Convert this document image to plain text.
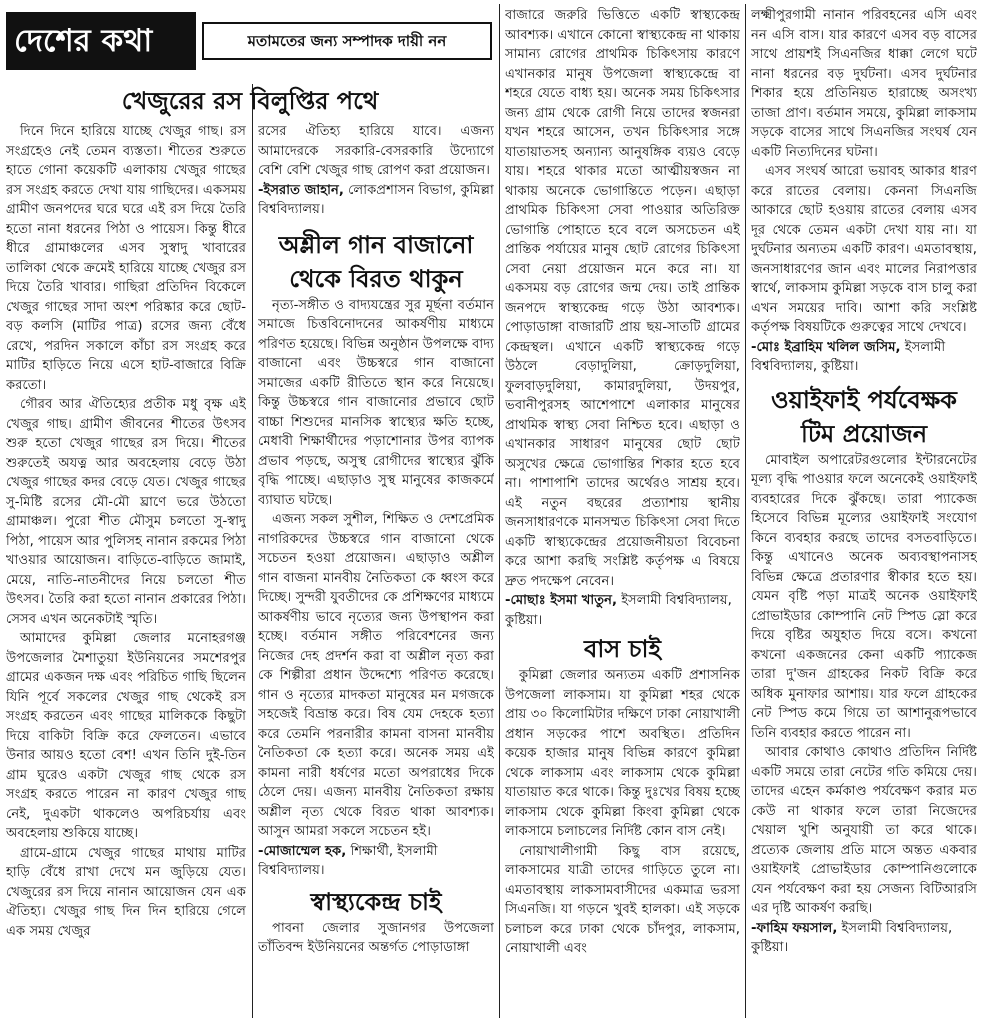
দেশের কথা	মতামতের জন্য সম্পাদক দায়ী নন
খেজুরের রস বিলুপ্তির পথে

দিনে দিনে হারিয়ে যাচ্ছে খেজুর গাছ। রস সংগ্রহেও নেই তেমন ব্যস্ততা। শীতের শুরুতে হাতে গোনা কয়েকটি এলাকায় খেজুর গাছের রস সংগ্রহ করতে দেখা যায় গাছিদের। একসময় গ্রামীণ জনপদের ঘরে ঘরে এই রস দিয়ে তৈরি হতো নানা ধরনের পিঠা ও পায়েস। কিন্তু ধীরে ধীরে গ্রামাঞ্চলের এসব সুস্বাদু খাবারের তালিকা থেকে ক্রমেই হারিয়ে যাচ্ছে খেজুর রস দিয়ে তৈরি খাবার। গাছিরা প্রতিদিন বিকেলে খেজুর গাছের সাদা অংশ পরিষ্কার করে ছোট-বড় কলসি (মাটির পাত্র) রসের জন্য বেঁধে রেখে, পরদিন সকালে কাঁচা রস সংগ্রহ করে মাটির হাড়িতে নিয়ে এসে হাট-বাজারে বিক্রি করতো।

গৌরব আর ঐতিহ্যের প্রতীক মধু বৃক্ষ এই খেজুর গাছ। গ্রামীণ জীবনের শীতের উৎসব শুরু হতো খেজুর গাছের রস দিয়ে। শীতের শুরুতেই অযত্ন আর অবহেলায় বেড়ে উঠা খেজুর গাছের কদর বেড়ে যেত। খেজুর গাছের সু-মিষ্টি রসের মৌ-মৌ ঘ্রাণে ভরে উঠতো গ্রামাঞ্চল। পুরো শীত মৌসুম চলতো সু-স্বাদু পিঠা, পায়েস আর পুলিসহ নানান রকমের পিঠা খাওয়ার আয়োজন। বাড়িতে-বাড়িতে জামাই, মেয়ে, নাতি-নাতনীদের নিয়ে চলতো শীত উৎসব। তৈরি করা হতো নানান প্রকারের পিঠা। সেসব এখন অনেকটাই স্মৃতি।

আমাদের কুমিল্লা জেলার মনোহরগঞ্জ উপজেলার মৈশাতুয়া ইউনিয়নের সমশেরপুর গ্রামের একজন দক্ষ এবং পরিচিত গাছি ছিলেন যিনি পূর্বে সকলের খেজুর গাছ থেকেই রস সংগ্রহ করতেন এবং গাছের মালিককে কিছুটা দিয়ে বাকিটা বিক্রি করে ফেলতেন। এভাবে উনার আয়ও হতো বেশ! এখন তিনি দুই-তিন গ্রাম ঘুরেও একটা খেজুর গাছ থেকে রস সংগ্রহ করতে পারেন না কারণ খেজুর গাছ নেই, দুএকটা থাকলেও অপরিচর্যায় এবং অবহেলায় শুকিয়ে যাচ্ছে।

গ্রামে-গ্রামে খেজুর গাছের মাথায় মাটির হাড়ি বেঁধে রাখা দেখে মন জুড়িয়ে যেত। খেজুরের রস দিয়ে নানান আয়োজন যেন এক ঐতিহ্য। খেজুর গাছ দিন দিন হারিয়ে গেলে এক সময় খেজুর

রসের ঐতিহ্য হারিয়ে যাবে। এজন্য আমাদেরকে সরকারি-বেসরকারি উদ্যোগে বেশি বেশি খেজুর গাছ রোপণ করা প্রয়োজন।

-ইসরাত জাহান, লোকপ্রশাসন বিভাগ, কুমিল্লা বিশ্ববিদ্যালয়।

অশ্লীল গান বাজানো
থেকে বিরত থাকুন

নৃত্য-সঙ্গীত ও বাদ্যযন্ত্রের সুর মূর্ছনা বর্তমান সমাজে চিত্তবিনোদনের আকর্ষণীয় মাধ্যমে পরিণত হয়েছে। বিভিন্ন অনুষ্ঠান উপলক্ষে বাদ্য বাজানো এবং উচ্চস্বরে গান বাজানো সমাজের একটি রীতিতে স্থান করে নিয়েছে। কিন্তু উচ্চস্বরে গান বাজানোর প্রভাবে ছোট বাচ্চা শিশুদের মানসিক স্বাস্থ্যের ক্ষতি হচ্ছে, মেধাবী শিক্ষার্থীদের পড়াশোনার উপর ব্যাপক প্রভাব পড়ছে, অসুস্থ রোগীদের স্বাস্থ্যের ঝুঁকি বৃদ্ধি পাচ্ছে। এছাড়াও সুস্থ মানুষের কাজকর্মে ব্যাঘাত ঘটছে।

এজন্য সকল সুশীল, শিক্ষিত ও দেশপ্রেমিক নাগরিকদের উচ্চস্বরে গান বাজানো থেকে সচেতন হওয়া প্রয়োজন। এছাড়াও অশ্লীল গান বাজনা মানবীয় নৈতিকতা কে ধ্বংস করে দিচ্ছে। সুন্দরী যুবতীদের কে প্রশিক্ষণের মাধ্যমে আকর্ষণীয় ভাবে নৃত্যের জন্য উপস্থাপন করা হচ্ছে। বর্তমান সঙ্গীত পরিবেশনের জন্য নিজের দেহ প্রদর্শন করা বা অশ্লীল নৃত্য করা কে শিল্পীরা প্রধান উদ্দেশ্যে পরিণত করেছে। গান ও নৃত্যের মাদকতা মানুষের মন মগজকে সহজেই বিভ্রান্ত করে। বিষ যেম দেহকে হত্যা করে তেমনি পরনারীর কামনা বাসনা মানবীয় নৈতিকতা কে হত্যা করে। অনেক সময় এই কামনা নারী ধর্ষণের মতো অপরাধের দিকে ঠেলে দেয়। এজন্য মানবীয় নৈতিকতা রক্ষায় অশ্লীল নৃত্য থেকে বিরত থাকা আবশ্যক। আসুন আমরা সকলে সচেতন হই।

-মোজাম্মেল হক, শিক্ষার্থী, ইসলামী বিশ্ববিদ্যালয়।

স্বাস্থ্যকেন্দ্র চাই

পাবনা জেলার সুজানগর উপজেলা তাঁতিবন্দ ইউনিয়নের অন্তর্গত পোড়াডাঙ্গা

বাজারে জরুরি ভিত্তিতে একটি স্বাস্থ্যকেন্দ্র আবশ্যক। এখানে কোনো স্বাস্থ্যকেন্দ্র না থাকায় সামান্য রোগের প্রাথমিক চিকিৎসায় কারণে এখানকার মানুষ উপজেলা স্বাস্থ্যকেন্দ্রে বা শহরে যেতে বাধ্য হয়। অনেক সময় চিকিৎসার জন্য গ্রাম থেকে রোগী নিয়ে তাদের স্বজনরা যখন শহরে আসেন, তখন চিকিৎসার সঙ্গে যাতায়াতসহ অন্যান্য আনুষঙ্গিক ব্যয়ও বেড়ে যায়। শহরে থাকার মতো আত্মীয়স্বজন না থাকায় অনেকে ভোগান্তিতে পড়েন। এছাড়া প্রাথমিক চিকিৎসা সেবা পাওয়ার অতিরিক্ত ভোগান্তি পোহাতে হবে বলে অসচেতন এই প্রান্তিক পর্যায়ের মানুষ ছোট রোগের চিকিৎসা সেবা নেয়া প্রয়োজন মনে করে না। যা একসময় বড় রোগের জন্ম দেয়। তাই প্রান্তিক জনপদে স্বাস্থ্যকেন্দ্র গড়ে উঠা আবশ্যক। পোড়াডাঙ্গা বাজারটি প্রায় ছয়-সাতটি গ্রামের কেন্দ্রস্থল। এখানে একটি স্বাস্থ্যকেন্দ্র গড়ে উঠলে বেড়াদুলিয়া, ক্রোড়দুলিয়া, ফুলবাড়দুলিয়া, কামারদুলিয়া, উদয়পুর, ভবানীপুরসহ আশেপাশে এলাকার মানুষের প্রাথমিক স্বাস্থ্য সেবা নিশ্চিত হবে। এছাড়া ও এখানকার সাধারণ মানুষের ছোট ছোট অসুখের ক্ষেত্রে ভোগান্তির শিকার হতে হবে না। পাশাপাশি তাদের অর্থেরও সাশ্রয় হবে। এই নতুন বছরের প্রত্যাশায় স্থানীয় জনসাধারণকে মানসম্মত চিকিৎসা সেবা দিতে একটি স্বাস্থ্যকেন্দ্রের প্রয়োজনীয়তা বিবেচনা করে আশা করছি সংশ্লিষ্ট কর্তৃপক্ষ এ বিষয়ে দ্রুত পদক্ষেপ নেবেন।

-মোছাঃ ইসমা খাতুন, ইসলামী বিশ্ববিদ্যালয়, কুষ্টিয়া।

বাস চাই

কুমিল্লা জেলার অন্যতম একটি প্রশাসনিক উপজেলা লাকসাম। যা কুমিল্লা শহর থেকে প্রায় ৩০ কিলোমিটার দক্ষিণে ঢাকা নোয়াখালী প্রধান সড়কের পাশে অবস্থিত। প্রতিদিন কয়েক হাজার মানুষ বিভিন্ন কারণে কুমিল্লা থেকে লাকসাম এবং লাকসাম থেকে কুমিল্লা যাতায়াত করে থাকে। কিন্তু দুঃখের বিষয় হচ্ছে লাকসাম থেকে কুমিল্লা কিংবা কুমিল্লা থেকে লাকসামে চলাচলের নির্দিষ্ট কোন বাস নেই।

নোয়াখালীগামী কিছু বাস রয়েছে, লাকসামের যাত্রী তাদের গাড়িতে তুলে না। এমতাবস্থায় লাকসামবাসীদের একমাত্র ভরসা সিএনজি। যা গড়নে খুবই হালকা। এই সড়কে চলাচল করে ঢাকা থেকে চাঁদপুর, লাকসাম, নোয়াখালী এবং

লক্ষ্মীপুরগামী নানান পরিবহনের এসি এবং নন এসি বাস। যার কারণে এসব বড় বাসের সাথে প্রায়শই সিএনজির ধাক্কা লেগে ঘটে নানা ধরনের বড় দুর্ঘটনা। এসব দুর্ঘটনার শিকার হয়ে প্রতিনিয়ত হারাচ্ছে অসংখ্য তাজা প্রাণ। বর্তমান সময়ে, কুমিল্লা লাকসাম সড়কে বাসের সাথে সিএনজির সংঘর্ষ যেন একটি নিত্যদিনের ঘটনা।

এসব সংঘর্ষ আরো ভয়াবহ আকার ধারণ করে রাতের বেলায়। কেননা সিএনজি আকারে ছোট হওয়ায় রাতের বেলায় এসব দূর থেকে তেমন একটা দেখা যায় না। যা দুর্ঘটনার অন্যতম একটি কারণ। এমতাবস্থায়, জনসাধারণের জান এবং মালের নিরাপত্তার স্বার্থে, লাকসাম কুমিল্লা সড়কে বাস চালু করা এখন সময়ের দাবি। আশা করি সংশ্লিষ্ট কর্তৃপক্ষ বিষয়টিকে গুরুত্বের সাথে দেখবে।

-মোঃ ইব্রাহিম খলিল জসিম, ইসলামী বিশ্ববিদ্যালয়, কুষ্টিয়া।

ওয়াইফাই পর্যবেক্ষক
টিম প্রয়োজন

মোবাইল অপারেটরগুলোর ইন্টারনেটের মূল্য বৃদ্ধি পাওয়ার ফলে অনেকেই ওয়াইফাই ব্যবহারের দিকে ঝুঁকছে। তারা প্যাকেজ হিসেবে বিভিন্ন মূল্যের ওয়াইফাই সংযোগ কিনে ব্যবহার করছে তাদের বসতবাড়িতে। কিন্তু এখানেও অনেক অব্যবস্থাপনাসহ বিভিন্ন ক্ষেত্রে প্রতারণার স্বীকার হতে হয়। যেমন বৃষ্টি পড়া মাত্রই অনেক ওয়াইফাই প্রোভাইডার কোম্পানি নেট স্পিড স্লো করে দিয়ে বৃষ্টির অযুহাত দিয়ে বসে। কখনো কখনো একজনের কেনা একটি প্যাকেজ তারা দু'জন গ্রাহকের নিকট বিক্রি করে অধিক মুনাফার আশায়। যার ফলে গ্রাহকের নেট স্পিড কমে গিয়ে তা আশানুরূপভাবে তিনি ব্যবহার করতে পারেন না।

আবার কোথাও কোথাও প্রতিদিন নির্দিষ্ট একটি সময়ে তারা নেটের গতি কমিয়ে দেয়। তাদের এহেন কর্মকাণ্ড পর্যবেক্ষণ করার মত কেউ না থাকার ফলে তারা নিজেদের খেয়াল খুশি অনুযায়ী তা করে থাকে। প্রত্যেক জেলায় প্রতি মাসে অন্তত একবার ওয়াইফাই প্রোভাইডার কোম্পানিগুলোকে যেন পর্যবেক্ষণ করা হয় সেজন্য বিটিআরসি এর দৃষ্টি আকর্ষণ করছি।

-ফাহিম ফয়সাল, ইসলামী বিশ্ববিদ্যালয়, কুষ্টিয়া।
